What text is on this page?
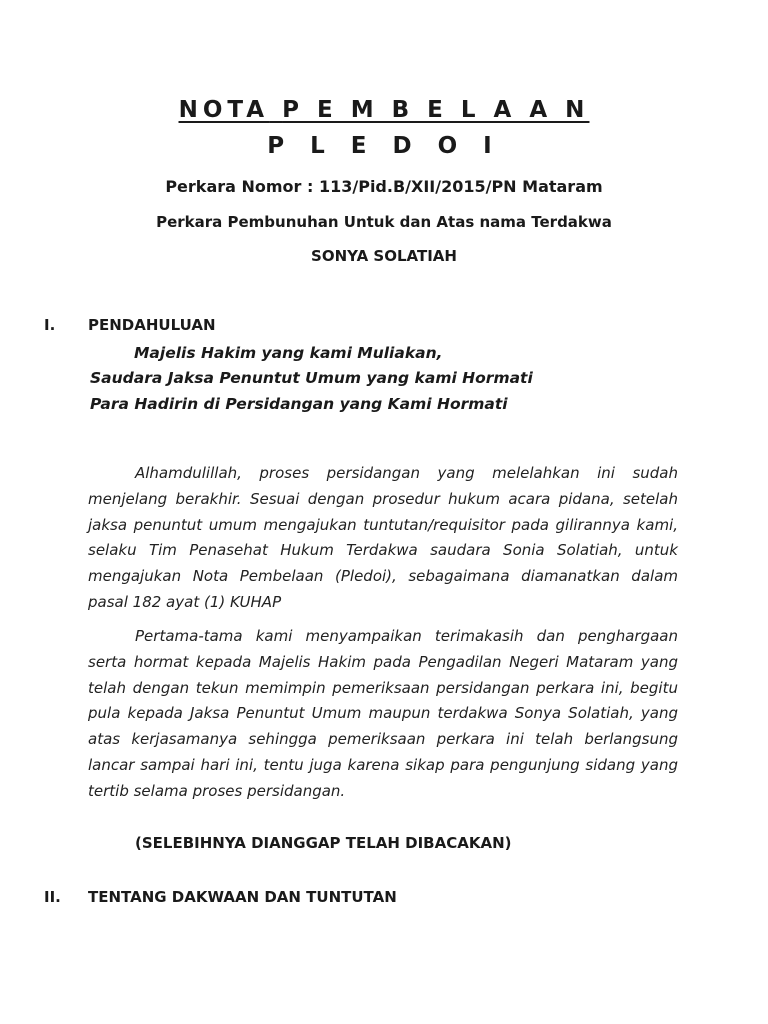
NOTA P E M B E L A A N
P L E D O I
Perkara Nomor : 113/Pid.B/XII/2015/PN Mataram
Perkara Pembunuhan Untuk dan Atas nama Terdakwa
SONYA SOLATIAH
I. PENDAHULUAN
Majelis Hakim yang kami Muliakan,
Saudara Jaksa Penuntut Umum yang kami Hormati
Para Hadirin di Persidangan yang Kami Hormati

Alhamdulillah, proses persidangan yang melelahkan ini sudah menjelang berakhir. Sesuai dengan prosedur hukum acara pidana, setelah jaksa penuntut umum mengajukan tuntutan/requisitor pada gilirannya kami, selaku Tim Penasehat Hukum Terdakwa saudara Sonia Solatiah, untuk mengajukan Nota Pembelaan (Pledoi), sebagaimana diamanatkan dalam pasal 182 ayat (1) KUHAP

Pertama-tama kami menyampaikan terimakasih dan penghargaan serta hormat kepada Majelis Hakim pada Pengadilan Negeri Mataram yang telah dengan tekun memimpin pemeriksaan persidangan perkara ini, begitu pula kepada Jaksa Penuntut Umum maupun terdakwa Sonya Solatiah, yang atas kerjasamanya sehingga pemeriksaan perkara ini telah berlangsung lancar sampai hari ini, tentu juga karena sikap para pengunjung sidang yang tertib selama proses persidangan.

(SELEBIHNYA DIANGGAP TELAH DIBACAKAN)
II. TENTANG DAKWAAN DAN TUNTUTAN
